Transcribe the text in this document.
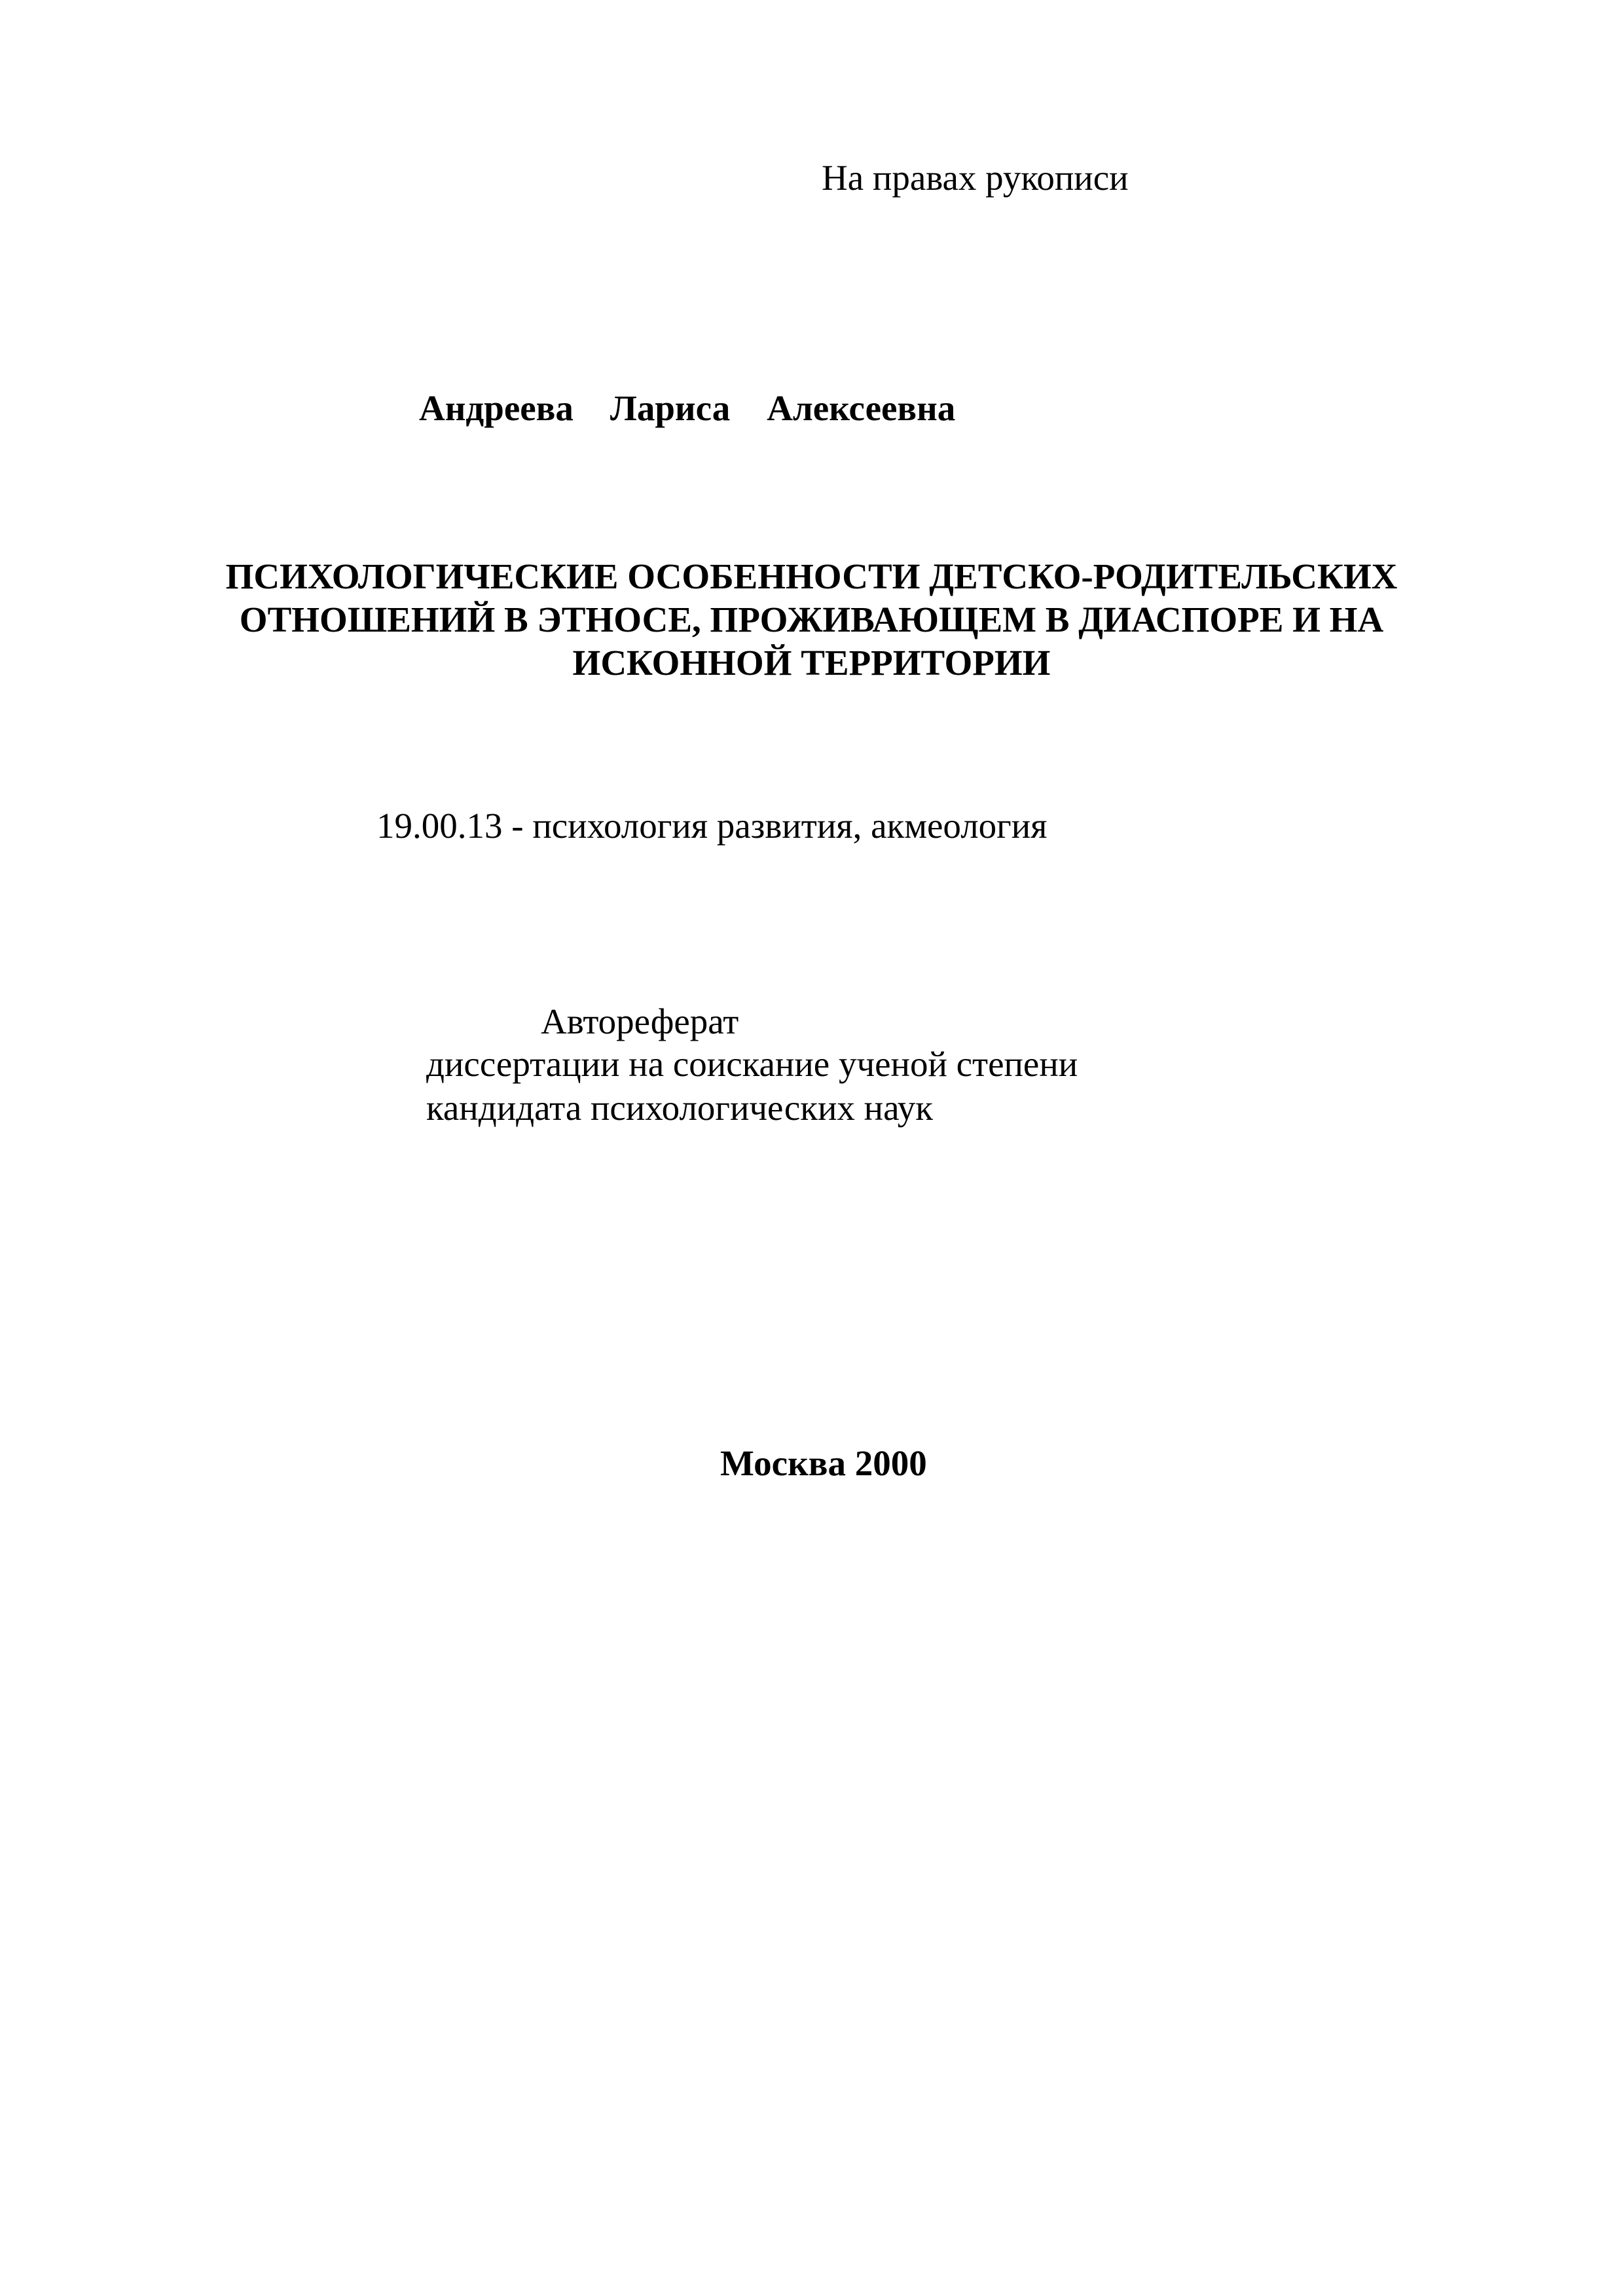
На правах рукописи
Андреева Лариса Алексеевна
ПСИХОЛОГИЧЕСКИЕ ОСОБЕННОСТИ ДЕТСКО-РОДИТЕЛЬСКИХ
ОТНОШЕНИЙ В ЭТНОСЕ, ПРОЖИВАЮЩЕМ В ДИАСПОРЕ И НА
ИСКОННОЙ ТЕРРИТОРИИ
19.00.13 - психология развития, акмеология
Автореферат
диссертации на соискание ученой степени
кандидата психологических наук
Москва 2000
